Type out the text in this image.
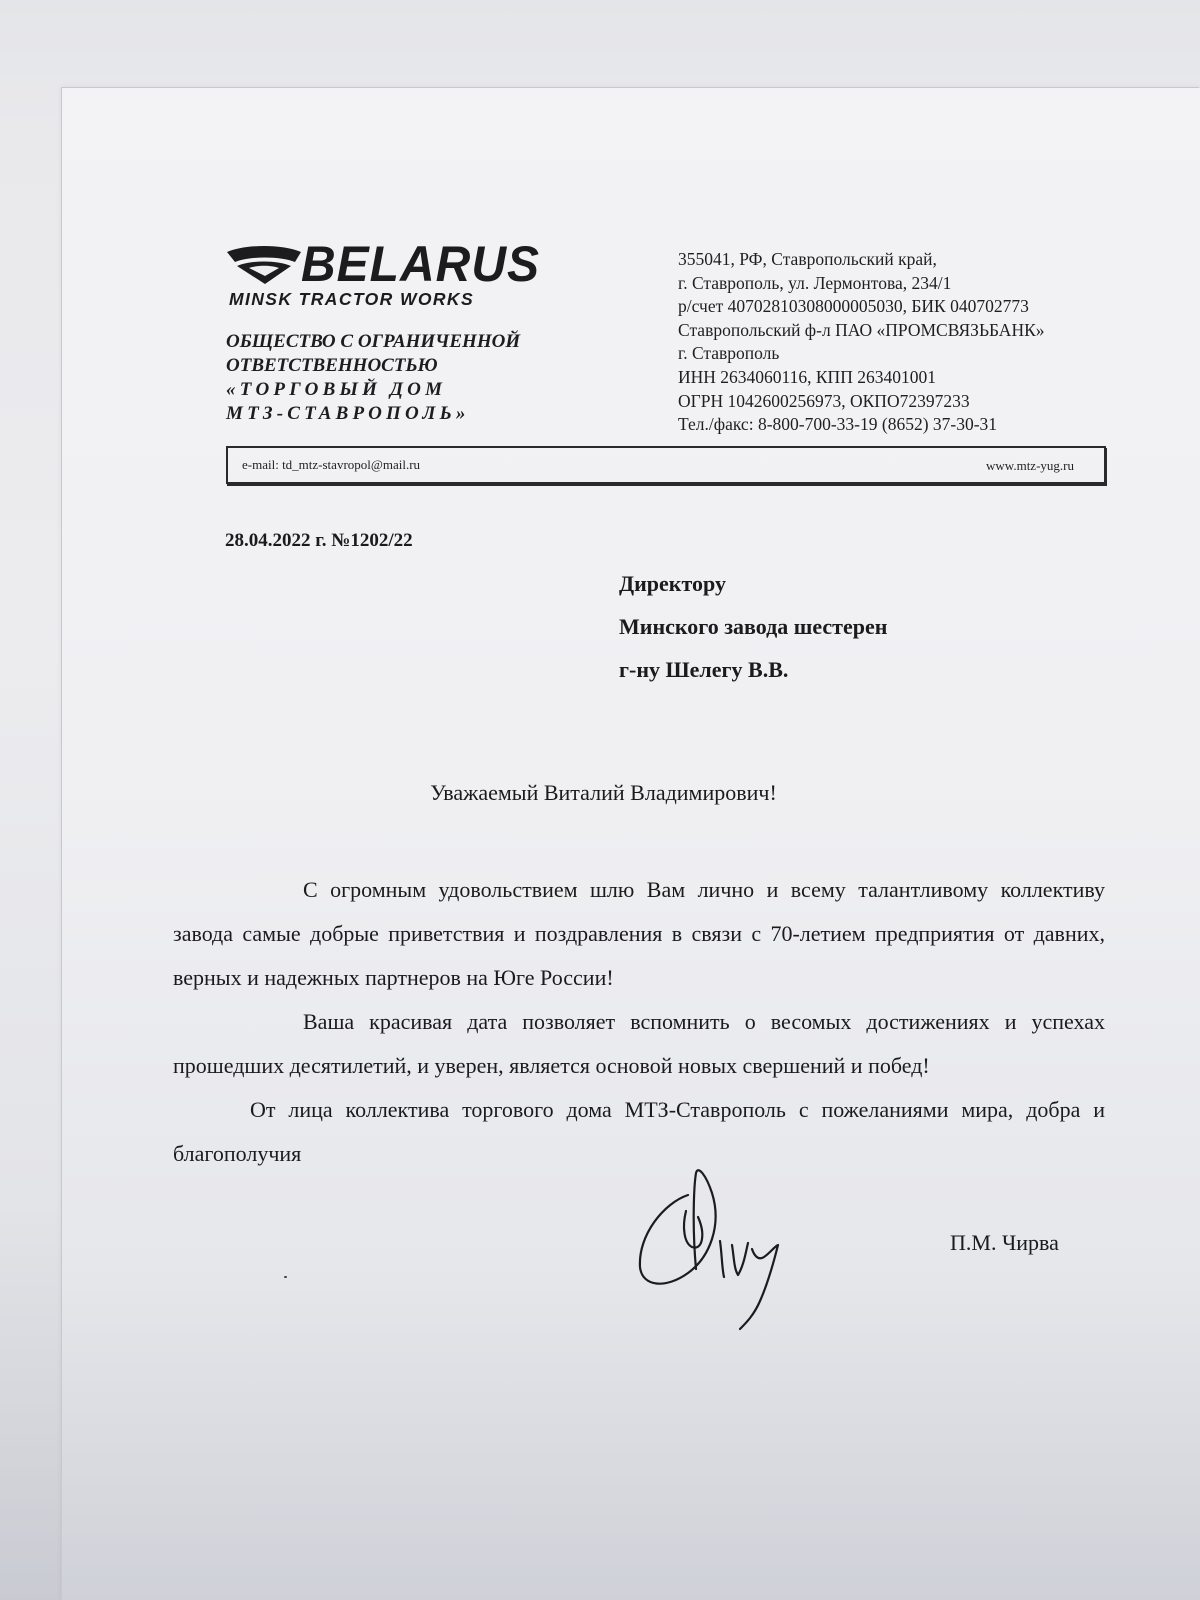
BELARUS
MINSK TRACTOR WORKS
ОБЩЕСТВО С ОГРАНИЧЕННОЙ
ОТВЕТСТВЕННОСТЬЮ
«ТОРГОВЫЙ ДОМ
МТЗ-СТАВРОПОЛЬ»
355041, РФ, Ставропольский край,
г. Ставрополь, ул. Лермонтова, 234/1
р/счет 40702810308000005030, БИК 040702773
Ставропольский ф-л ПАО «ПРОМСВЯЗЬБАНК»
г. Ставрополь
ИНН 2634060116, КПП 263401001
ОГРН 1042600256973, ОКПО72397233
Тел./факс: 8-800-700-33-19 (8652) 37-30-31
e-mail: td_mtz-stavropol@mail.ru	www.mtz-yug.ru
28.04.2022 г. №1202/22
Директору
Минского завода шестерен
г-ну Шелегу В.В.
Уважаемый Виталий Владимирович!

С огромным удовольствием шлю Вам лично и всему талантливому коллективу завода самые добрые приветствия и поздравления в связи с 70-летием предприятия от давних, верных и надежных партнеров на Юге России!

Ваша красивая дата позволяет вспомнить о весомых достижениях и успехах прошедших десятилетий, и уверен, является основой новых свершений и побед!

От лица коллектива торгового дома МТЗ-Ставрополь с пожеланиями мира, добра и благополучия

П.М. Чирва
